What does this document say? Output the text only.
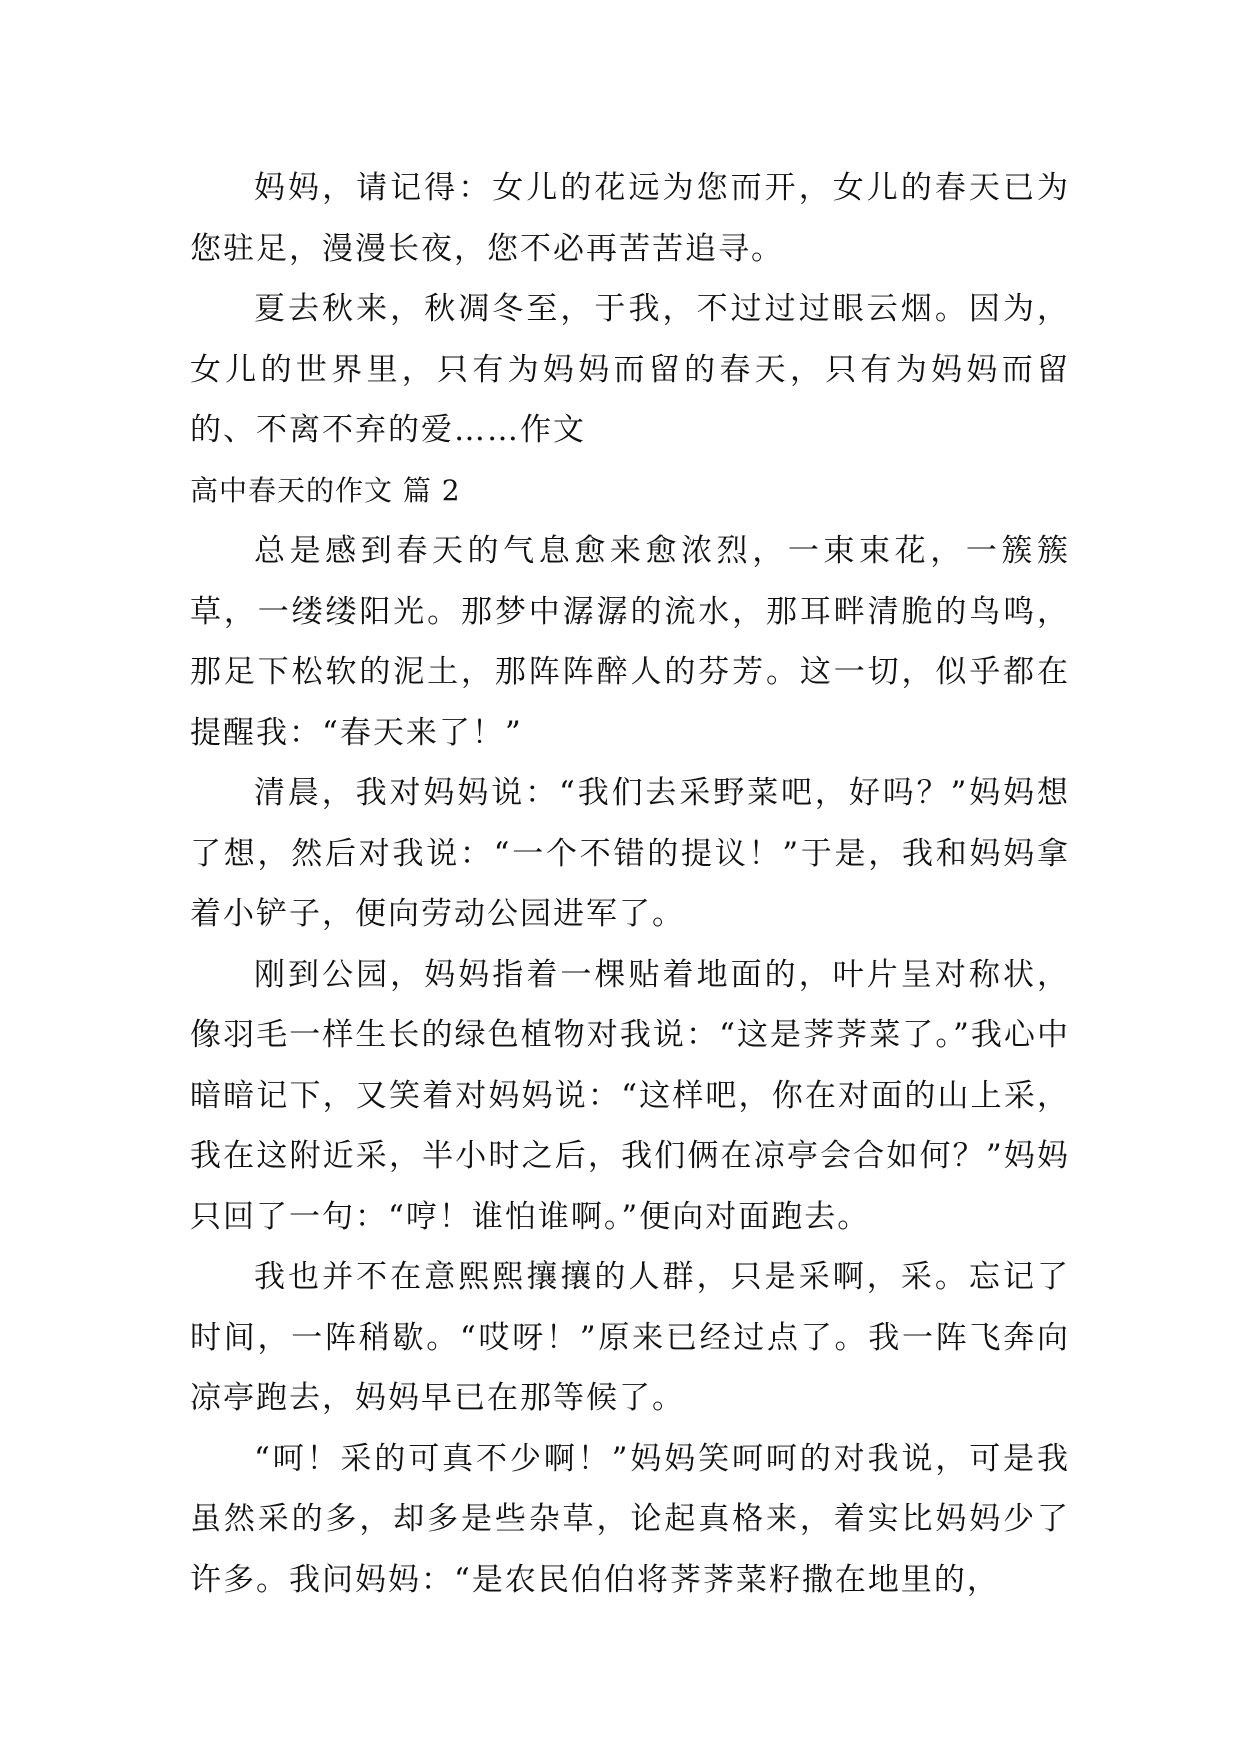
妈妈，请记得：女儿的花远为您而开，女儿的春天已为您驻足，漫漫长夜，您不必再苦苦追寻。

夏去秋来，秋凋冬至，于我，不过过过眼云烟。因为，女儿的世界里，只有为妈妈而留的春天，只有为妈妈而留的、不离不弃的爱……作文

高中春天的作文 篇 2

总是感到春天的气息愈来愈浓烈，一束束花，一簇簇草，一缕缕阳光。那梦中潺潺的流水，那耳畔清脆的鸟鸣，那足下松软的泥土，那阵阵醉人的芬芳。这一切，似乎都在提醒我：“春天来了！”

清晨，我对妈妈说：“我们去采野菜吧，好吗？”妈妈想了想，然后对我说：“一个不错的提议！”于是，我和妈妈拿着小铲子，便向劳动公园进军了。

刚到公园，妈妈指着一棵贴着地面的，叶片呈对称状，像羽毛一样生长的绿色植物对我说：“这是荠荠菜了。”我心中暗暗记下，又笑着对妈妈说：“这样吧，你在对面的山上采，我在这附近采，半小时之后，我们俩在凉亭会合如何？”妈妈只回了一句：“哼！谁怕谁啊。”便向对面跑去。

我也并不在意熙熙攘攘的人群，只是采啊，采。忘记了时间，一阵稍歇。“哎呀！”原来已经过点了。我一阵飞奔向凉亭跑去，妈妈早已在那等候了。

“呵！采的可真不少啊！”妈妈笑呵呵的对我说，可是我虽然采的多，却多是些杂草，论起真格来，着实比妈妈少了许多。我问妈妈：“是农民伯伯将荠荠菜籽撒在地里的，
